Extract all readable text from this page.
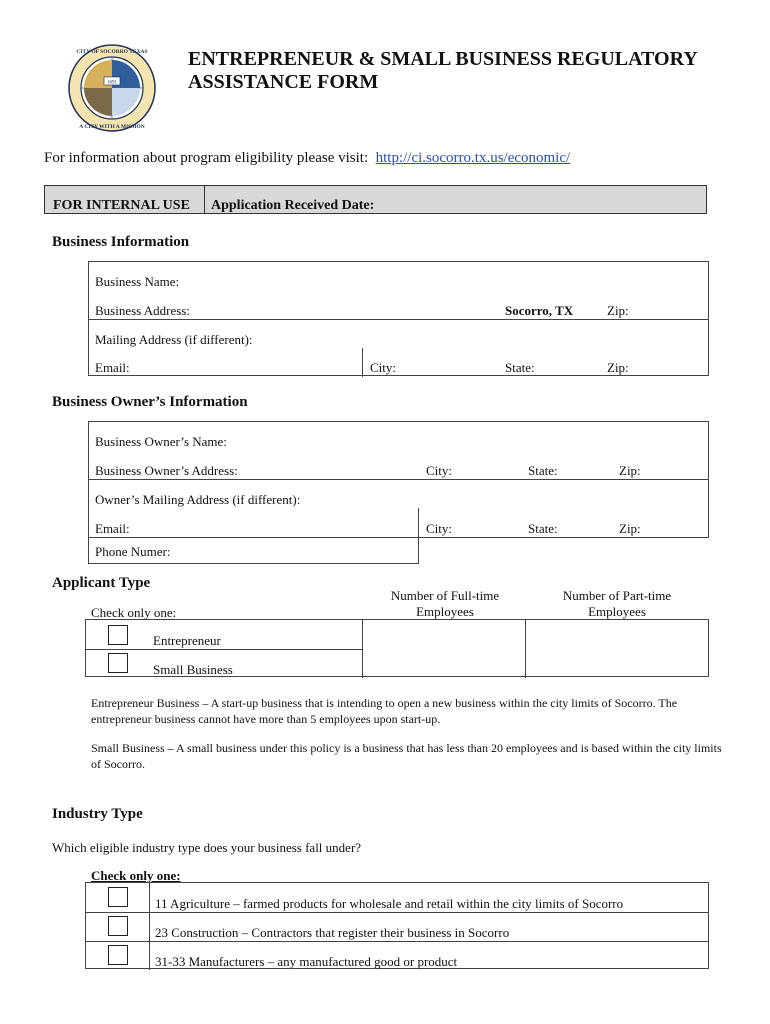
1691
CITY OF SOCORRO TEXAS
A CITY WITH A MISSION
ENTREPRENEUR & SMALL BUSINESS REGULATORY ASSISTANCE FORM
For information about program eligibility please visit: http://ci.socorro.tx.us/economic/
FOR INTERNAL USE	Application Received Date:
Business Information
Business Name:
Business Address:	Socorro, TX	Zip:
Mailing Address (if different):
Email:	City:	State:	Zip:
Business Owner’s Information
Business Owner’s Name:
Business Owner’s Address:	City:	State:	Zip:
Owner’s Mailing Address (if different):
Email:	City:	State:	Zip:
Phone Numer:
Applicant Type
Check only one:
Number of Full-time Employees
Number of Part-time Employees
Entrepreneur
Small Business
Entrepreneur Business – A start-up business that is intending to open a new business within the city limits of Socorro. The entrepreneur business cannot have more than 5 employees upon start-up.
Small Business – A small business under this policy is a business that has less than 20 employees and is based within the city limits of Socorro.
Industry Type
Which eligible industry type does your business fall under?
Check only one:
11 Agriculture – farmed products for wholesale and retail within the city limits of Socorro
23 Construction – Contractors that register their business in Socorro
31-33 Manufacturers – any manufactured good or product
